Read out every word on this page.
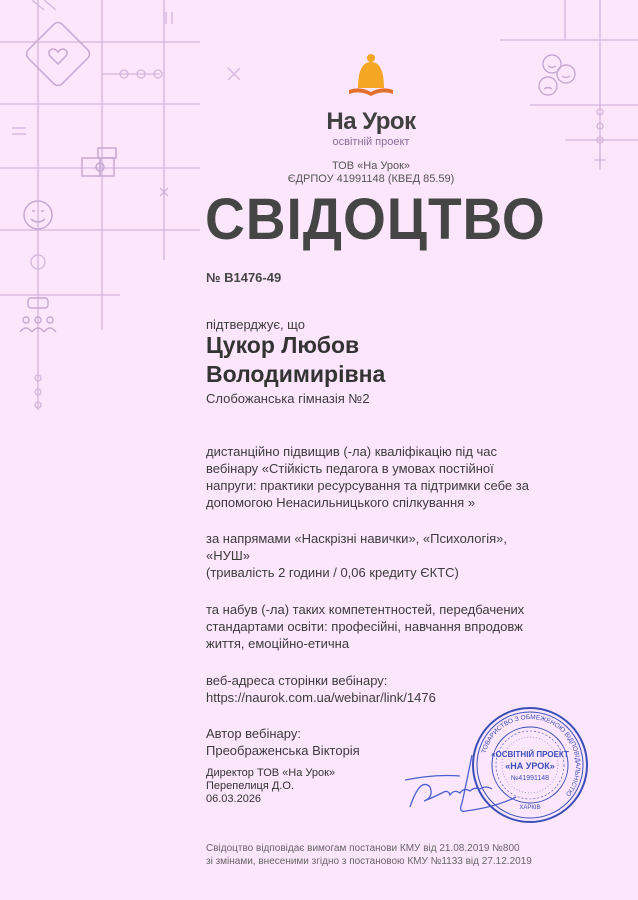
На Урок
освітній проект
ТОВ «На Урок»
ЄДРПОУ 41991148 (КВЕД 85.59)
СВІДОЦТВО
№ В1476-49
підтверджує, що
Цукор Любов
Володимирівна
Слобожанська гімназія №2
дистанційно підвищив (-ла) кваліфікацію під час
вебінару «Стійкість педагога в умовах постійної
напруги: практики ресурсування та підтримки себе за
допомогою Ненасильницького спілкування »
за напрямами «Наскрізні навички», «Психологія»,
«НУШ»
(тривалість 2 години / 0,06 кредиту ЄКТС)
та набув (-ла) таких компетентностей, передбачених
стандартами освіти: професійні, навчання впродовж
життя, емоційно-етична
веб-адреса сторінки вебінару:
https://naurok.com.ua/webinar/link/1476
Автор вебінару:
Преображенська Вікторія
Директор ТОВ «На Урок»
Перепелиця Д.О.
06.03.2026
ТОВАРИСТВО З ОБМЕЖЕНОЮ ВІДПОВІДАЛЬНІСТЮ
«ОСВІТНІЙ ПРОЕКТ
«НА УРОК»
№41991148
ХАРКІВ
Свідоцтво відповідає вимогам постанови КМУ від 21.08.2019 №800
зі змінами, внесеними згідно з постановою КМУ №1133 від 27.12.2019
